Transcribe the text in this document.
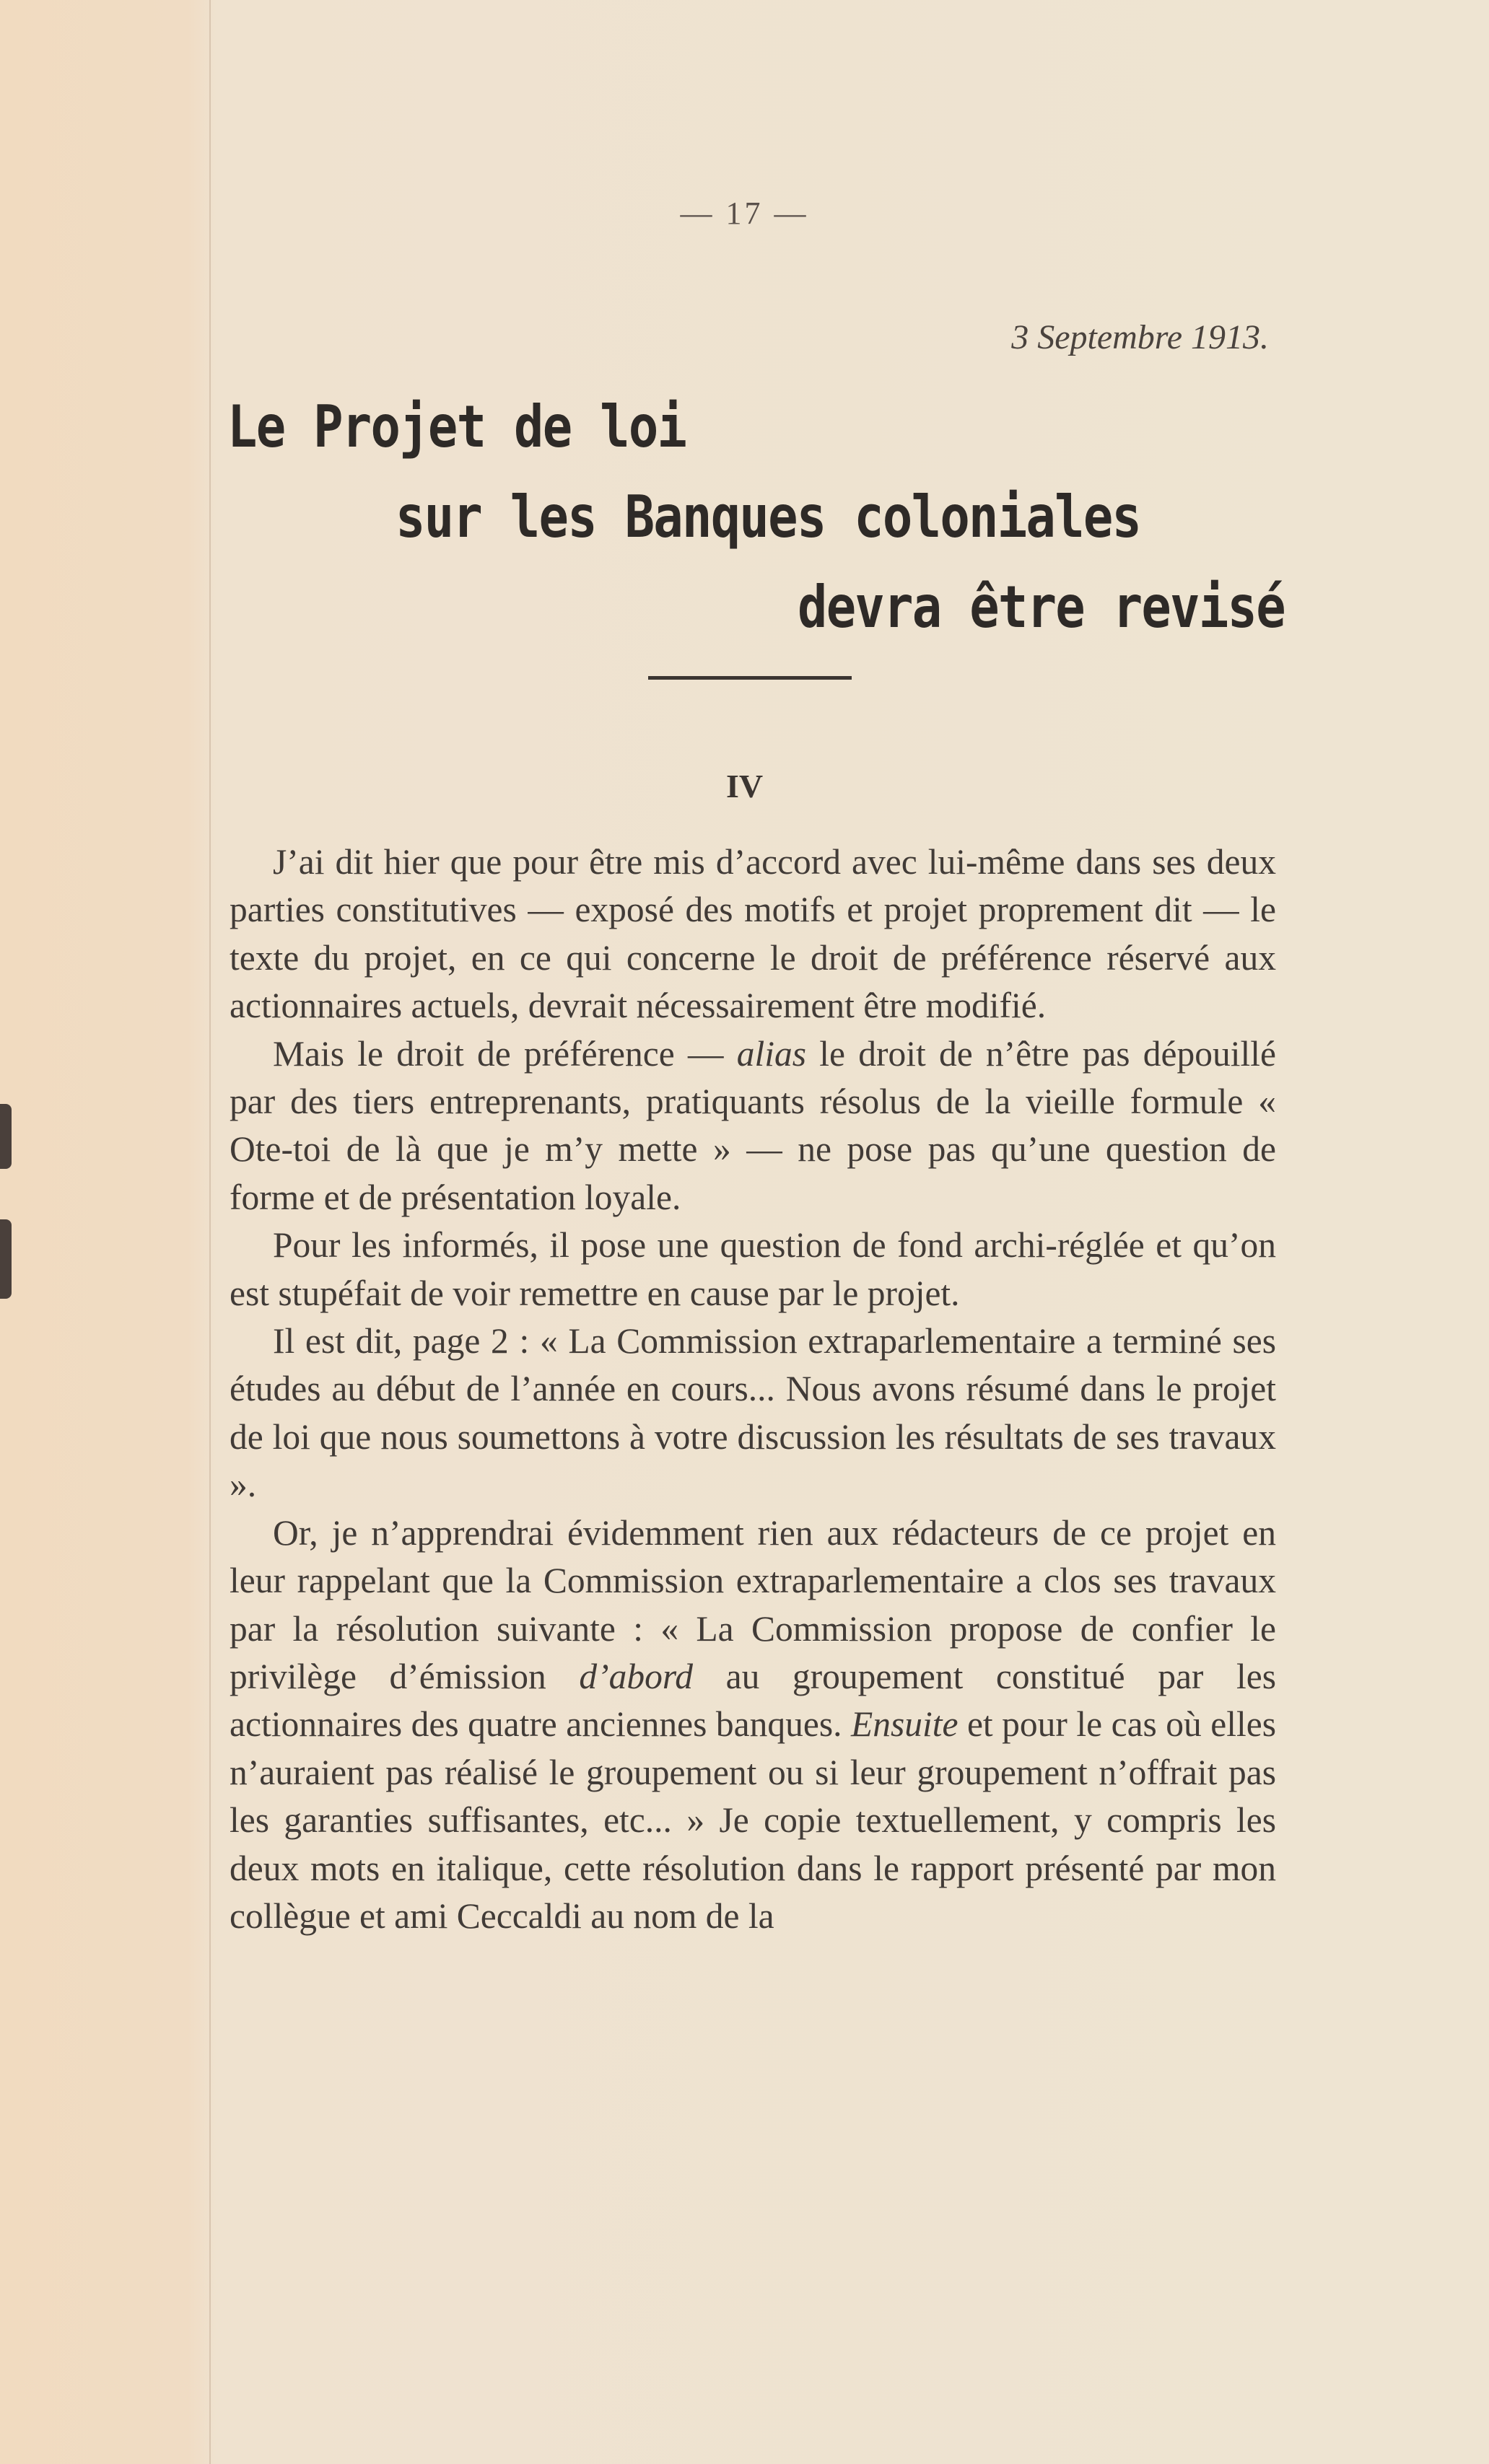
— 17 —
3 Septembre 1913.
Le Projet de loi
sur les Banques coloniales
devra être revisé
IV

J’ai dit hier que pour être mis d’accord avec lui-même dans ses deux parties constitutives — exposé des motifs et projet proprement dit — le texte du projet, en ce qui concerne le droit de préférence réservé aux actionnaires actuels, devrait nécessairement être modifié.

Mais le droit de préférence — alias le droit de n’être pas dépouillé par des tiers entreprenants, pratiquants résolus de la vieille formule « Ote-toi de là que je m’y mette » — ne pose pas qu’une question de forme et de présentation loyale.

Pour les informés, il pose une question de fond archi-réglée et qu’on est stupéfait de voir remettre en cause par le projet.

Il est dit, page 2 : « La Commission extraparlementaire a terminé ses études au début de l’année en cours... Nous avons résumé dans le projet de loi que nous soumettons à votre discussion les résultats de ses travaux ».

Or, je n’apprendrai évidemment rien aux rédacteurs de ce projet en leur rappelant que la Commission extraparlementaire a clos ses travaux par la résolution suivante : « La Commission propose de confier le privilège d’émission d’abord au groupement constitué par les actionnaires des quatre anciennes banques. Ensuite et pour le cas où elles n’auraient pas réalisé le groupement ou si leur groupement n’offrait pas les garanties suffisantes, etc... » Je copie textuellement, y compris les deux mots en italique, cette résolution dans le rapport présenté par mon collègue et ami Ceccaldi au nom de la
